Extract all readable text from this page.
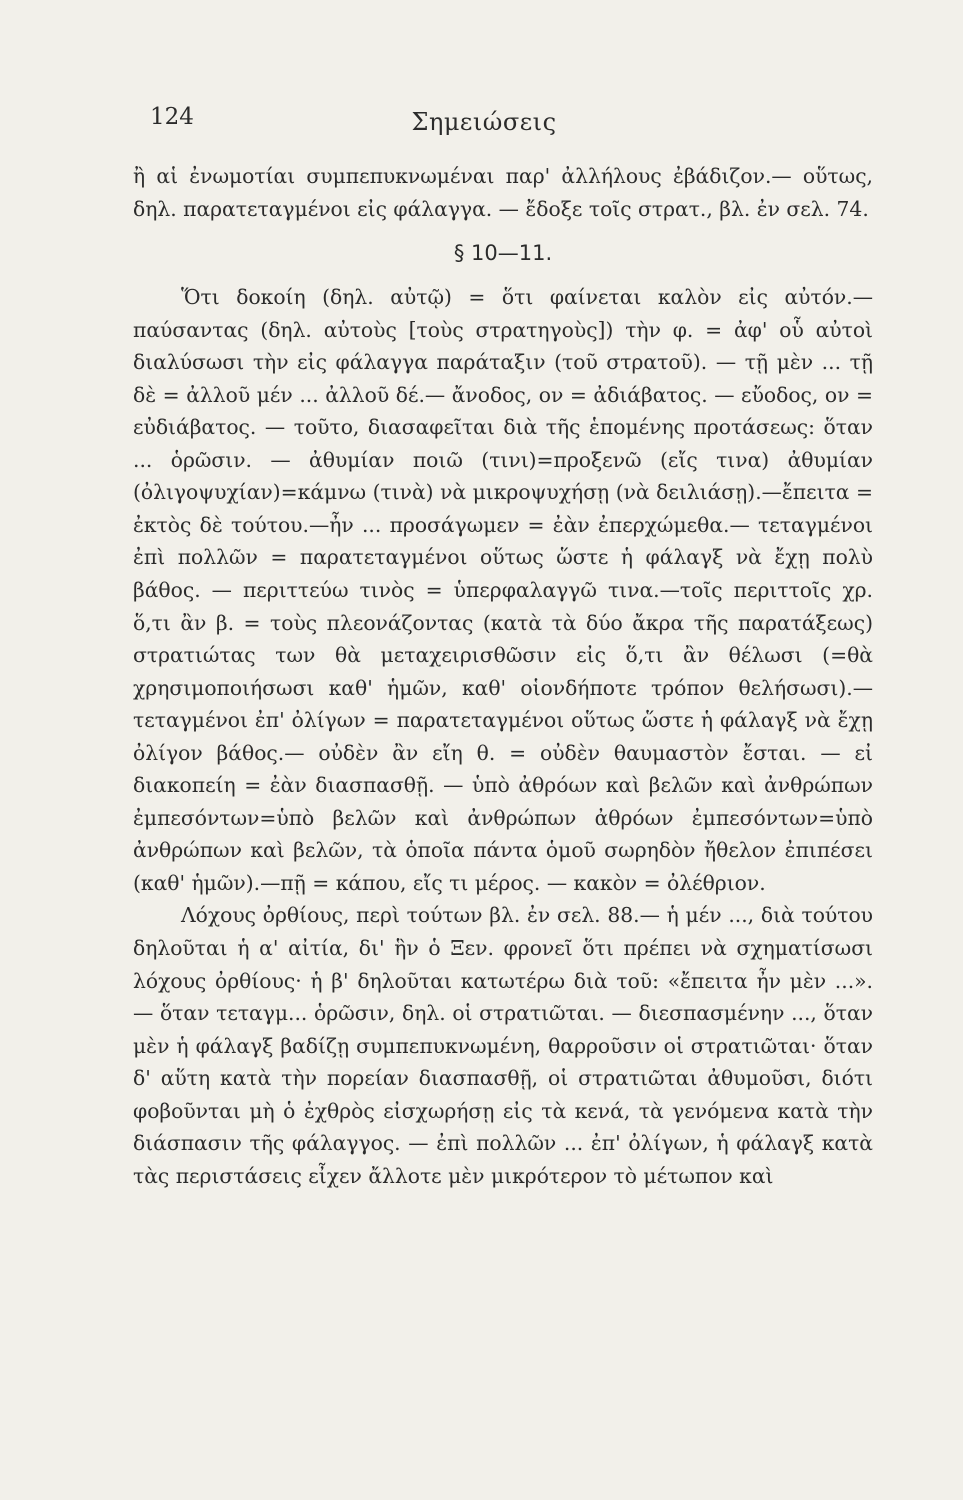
124	Σημειώσεις

ἢ αἱ ἐνωμοτίαι συμπεπυκνωμέναι παρ' ἀλλήλους ἐβάδιζον.— οὕτως, δηλ. παρατεταγμένοι εἰς φάλαγγα. — ἔδοξε τοῖς στρατ., βλ. ἐν σελ. 74.

§ 10—11.

Ὅτι δοκοίη (δηλ. αὐτῷ) = ὅτι φαίνεται καλὸν εἰς αὐτόν.— παύσαντας (δηλ. αὐτοὺς [τοὺς στρατηγοὺς]) τὴν φ. = ἀφ' οὗ αὐτοὶ διαλύσωσι τὴν εἰς φάλαγγα παράταξιν (τοῦ στρατοῦ). — τῇ μὲν ... τῇ δὲ = ἀλλοῦ μέν ... ἀλλοῦ δέ.— ἄνοδος, ον = ἀδιάβατος. — εὔοδος, ον = εὐδιάβατος. — τοῦτο, διασαφεῖται διὰ τῆς ἑπομένης προτάσεως: ὅταν ... ὁρῶσιν. — ἀθυμίαν ποιῶ (τινι)=προξενῶ (εἴς τινα) ἀθυμίαν (ὀλιγοψυχίαν)=κάμνω (τινὰ) νὰ μικροψυχήσῃ (νὰ δειλιάσῃ).—ἔπειτα = ἐκτὸς δὲ τούτου.—ἦν ... προσάγωμεν = ἐὰν ἐπερχώμεθα.— τεταγμένοι ἐπὶ πολλῶν = παρατεταγμένοι οὕτως ὥστε ἡ φάλαγξ νὰ ἔχῃ πολὺ βάθος. — περιττεύω τινὸς = ὑπερφαλαγγῶ τινα.—τοῖς περιττοῖς χρ. ὅ,τι ἂν β. = τοὺς πλεονάζοντας (κατὰ τὰ δύο ἄκρα τῆς παρατάξεως) στρατιώτας των θὰ μεταχειρισθῶσιν εἰς ὅ,τι ἂν θέλωσι (=θὰ χρησιμοποιήσωσι καθ' ἡμῶν, καθ' οἱονδήποτε τρόπον θελήσωσι).— τεταγμένοι ἐπ' ὀλίγων = παρατεταγμένοι οὕτως ὥστε ἡ φάλαγξ νὰ ἔχῃ ὀλίγον βάθος.— οὐδὲν ἂν εἴη θ. = οὐδὲν θαυμαστὸν ἔσται. — εἰ διακοπείη = ἐὰν διασπασθῇ. — ὑπὸ ἀθρόων καὶ βελῶν καὶ ἀνθρώπων ἐμπεσόντων=ὑπὸ βελῶν καὶ ἀνθρώπων ἀθρόων ἐμπεσόντων=ὑπὸ ἀνθρώπων καὶ βελῶν, τὰ ὁποῖα πάντα ὁμοῦ σωρηδὸν ἤθελον ἐπιπέσει (καθ' ἡμῶν).—πῇ = κάπου, εἴς τι μέρος. — κακὸν = ὀλέθριον.

Λόχους ὀρθίους, περὶ τούτων βλ. ἐν σελ. 88.— ἡ μέν ..., διὰ τούτου δηλοῦται ἡ α' αἰτία, δι' ἣν ὁ Ξεν. φρονεῖ ὅτι πρέπει νὰ σχηματίσωσι λόχους ὀρθίους· ἡ β' δηλοῦται κατωτέρω διὰ τοῦ: «ἔπειτα ἦν μὲν ...». — ὅταν τεταγμ... ὁρῶσιν, δηλ. οἱ στρατιῶται. — διεσπασμένην ..., ὅταν μὲν ἡ φάλαγξ βαδίζῃ συμπεπυκνωμένη, θαρροῦσιν οἱ στρατιῶται· ὅταν δ' αὕτη κατὰ τὴν πορείαν διασπασθῇ, οἱ στρατιῶται ἀθυμοῦσι, διότι φοβοῦνται μὴ ὁ ἐχθρὸς εἰσχωρήσῃ εἰς τὰ κενά, τὰ γενόμενα κατὰ τὴν διάσπασιν τῆς φάλαγγος. — ἐπὶ πολλῶν ... ἐπ' ὀλίγων, ἡ φάλαγξ κατὰ τὰς περιστάσεις εἶχεν ἄλλοτε μὲν μικρότερον τὸ μέτωπον καὶ
